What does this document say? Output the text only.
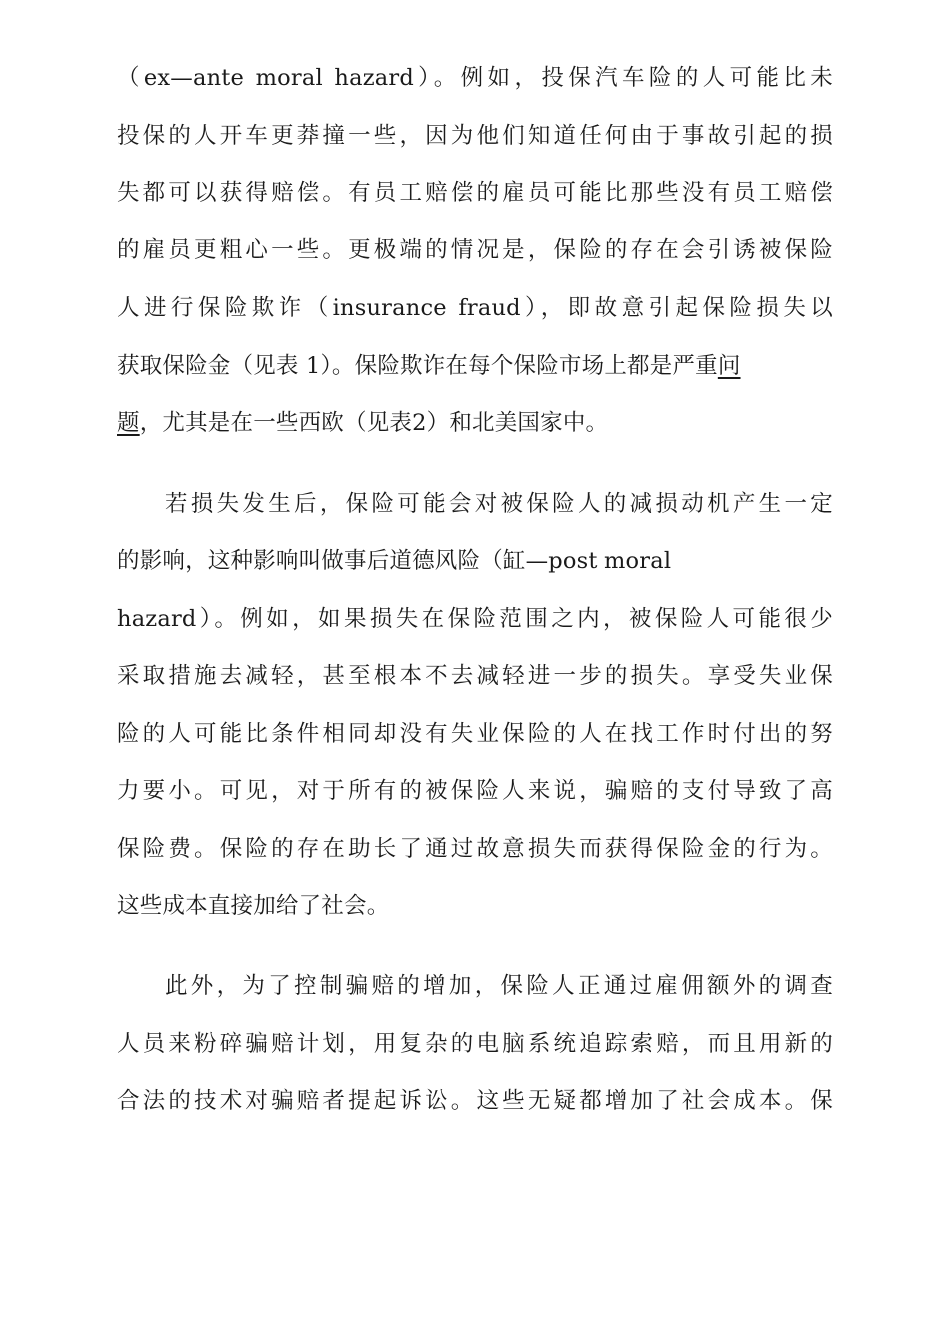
（ex—ante moral hazard）。例如，投保汽车险的人可能比未
投保的人开车更莽撞一些，因为他们知道任何由于事故引起的损
失都可以获得赔偿。有员工赔偿的雇员可能比那些没有员工赔偿
的雇员更粗心一些。更极端的情况是，保险的存在会引诱被保险
人进行保险欺诈（insurance fraud），即故意引起保险损失以
获取保险金（见表 1）。保险欺诈在每个保险市场上都是严重问
题，尤其是在一些西欧（见表2）和北美国家中。
若损失发生后，保险可能会对被保险人的减损动机产生一定
的影响，这种影响叫做事后道德风险（缸—post moral
hazard）。例如，如果损失在保险范围之内，被保险人可能很少
采取措施去减轻，甚至根本不去减轻进一步的损失。享受失业保
险的人可能比条件相同却没有失业保险的人在找工作时付出的努
力要小。可见，对于所有的被保险人来说，骗赔的支付导致了高
保险费。保险的存在助长了通过故意损失而获得保险金的行为。
这些成本直接加给了社会。
此外，为了控制骗赔的增加，保险人正通过雇佣额外的调查
人员来粉碎骗赔计划，用复杂的电脑系统追踪索赔，而且用新的
合法的技术对骗赔者提起诉讼。这些无疑都增加了社会成本。保
